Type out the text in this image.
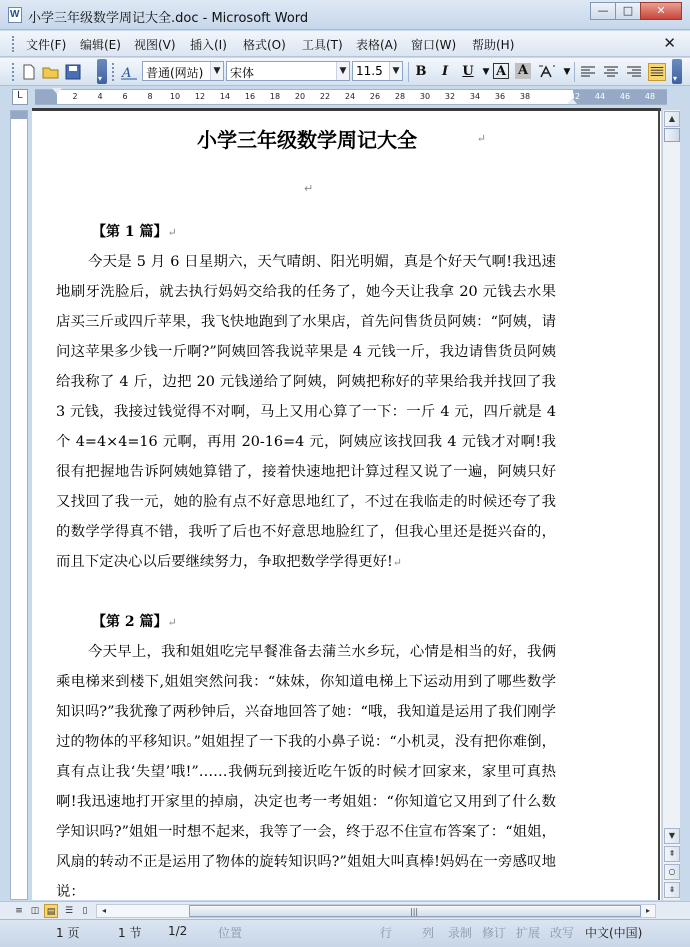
W
小学三年级数学周记大全.doc - Microsoft Word
—	□	✕
文件(F) 编辑(E) 视图(V) 插入(I) 格式(O) 工具(T) 表格(A) 窗口(W) 帮助(H)	✕
▾
A	普通(网站)	▼ 宋体	▼ 11.5	▼ B	I	U ▼ A A	▼
▾
L
2 4 6 8 10 12 14 16 18 20 22 24 26 28 30 32 34 36 38	42 44 46 48
小学三年级数学周记大全	↵
↵
【第 1 篇】↵

今天是 5 月 6 日星期六，天气晴朗、阳光明媚，真是个好天气啊!我迅速地刷牙洗脸后，就去执行妈妈交给我的任务了，她今天让我拿 20 元钱去水果店买三斤或四斤苹果，我飞快地跑到了水果店，首先问售货员阿姨：“阿姨，请问这苹果多少钱一斤啊?”阿姨回答我说苹果是 4 元钱一斤，我边请售货员阿姨给我称了 4 斤，边把 20 元钱递给了阿姨，阿姨把称好的苹果给我并找回了我 3 元钱，我接过钱觉得不对啊，马上又用心算了一下：一斤 4 元，四斤就是 4 个 4=4×4=16 元啊，再用 20-16=4 元，阿姨应该找回我 4 元钱才对啊!我很有把握地告诉阿姨她算错了，接着快速地把计算过程又说了一遍，阿姨只好又找回了我一元，她的脸有点不好意思地红了，不过在我临走的时候还夸了我的数学学得真不错，我听了后也不好意思地脸红了，但我心里还是挺兴奋的，而且下定决心以后要继续努力，争取把数学学得更好!↵

【第 2 篇】↵

今天早上，我和姐姐吃完早餐准备去蒲兰水乡玩，心情是相当的好，我俩乘电梯来到楼下,姐姐突然问我：“妹妹，你知道电梯上下运动用到了哪些数学知识吗?”我犹豫了两秒钟后，兴奋地回答了她：“哦，我知道是运用了我们刚学过的物体的平移知识。”姐姐捏了一下我的小鼻子说：“小机灵，没有把你难倒，真有点让我‘失望’哦!”……我俩玩到接近吃午饭的时候才回家来，家里可真热啊!我迅速地打开家里的掉扇，决定也考一考姐姐：“你知道它又用到了什么数学知识吗?”姐姐一时想不起来，我等了一会，终于忍不住宣布答案了：“姐姐，风扇的转动不正是运用了物体的旋转知识吗?”姐姐大叫真棒!妈妈在一旁感叹地说：

▲
▼
⇞
○
⇟
≡ ◫ ▤	☰	▯	◂	|||	▸
1 页	1 节 1/2	位置	行 列 录制 修订 扩展 改写 中文(中国)
